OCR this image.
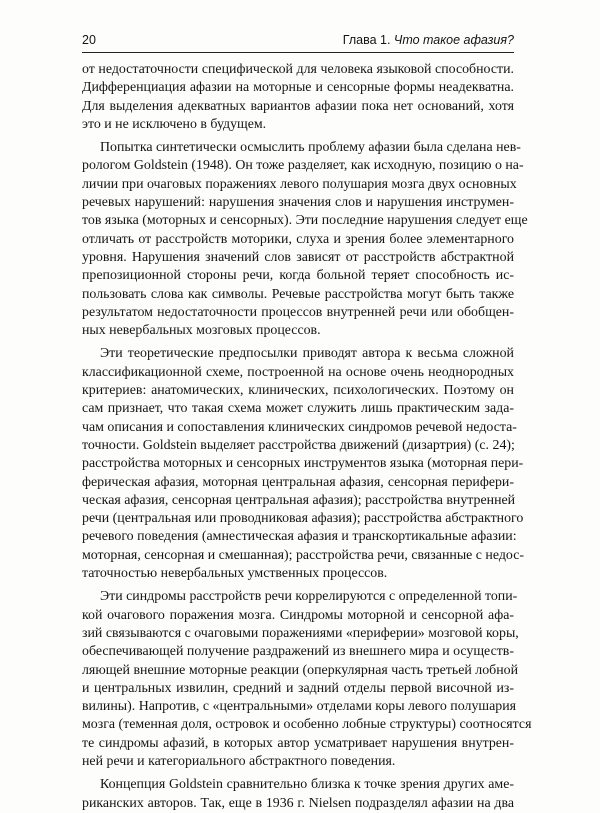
20	Глава 1. Что такое афазия?

от недостаточности специфической для человека языковой способности.
Дифференциация афазии на моторные и сенсорные формы неадекватна.
Для выделения адекватных вариантов афазии пока нет оснований, хотя
это и не исключено в будущем.

Попытка синтетически осмыслить проблему афазии была сделана нев-
рологом Goldstein (1948). Он тоже разделяет, как исходную, позицию о на-
личии при очаговых поражениях левого полушария мозга двух основных
речевых нарушений: нарушения значения слов и нарушения инструмен-
тов языка (моторных и сенсорных). Эти последние нарушения следует еще
отличать от расстройств моторики, слуха и зрения более элементарного
уровня. Нарушения значений слов зависят от расстройств абстрактной
препозиционной стороны речи, когда больной теряет способность ис-
пользовать слова как символы. Речевые расстройства могут быть также
результатом недостаточности процессов внутренней речи или обобщен-
ных невербальных мозговых процессов.

Эти теоретические предпосылки приводят автора к весьма сложной
классификационной схеме, построенной на основе очень неоднородных
критериев: анатомических, клинических, психологических. Поэтому он
сам признает, что такая схема может служить лишь практическим зада-
чам описания и сопоставления клинических синдромов речевой недоста-
точности. Goldstein выделяет расстройства движений (дизартрия) (с. 24);
расстройства моторных и сенсорных инструментов языка (моторная пери-
ферическая афазия, моторная центральная афазия, сенсорная перифери-
ческая афазия, сенсорная центральная афазия); расстройства внутренней
речи (центральная или проводниковая афазия); расстройства абстрактного
речевого поведения (амнестическая афазия и транскортикальные афазии:
моторная, сенсорная и смешанная); расстройства речи, связанные с недос-
таточностью невербальных умственных процессов.

Эти синдромы расстройств речи коррелируются с определенной топи-
кой очагового поражения мозга. Синдромы моторной и сенсорной афа-
зий связываются с очаговыми поражениями «периферии» мозговой коры,
обеспечивающей получение раздражений из внешнего мира и осуществ-
ляющей внешние моторные реакции (оперкулярная часть третьей лобной
и центральных извилин, средний и задний отделы первой височной из-
вилины). Напротив, с «центральными» отделами коры левого полушария
мозга (теменная доля, островок и особенно лобные структуры) соотносятся
те синдромы афазий, в которых автор усматривает нарушения внутрен-
ней речи и категориального абстрактного поведения.

Концепция Goldstein сравнительно близка к точке зрения других аме-
риканских авторов. Так, еще в 1936 г. Nielsen подразделял афазии на два
